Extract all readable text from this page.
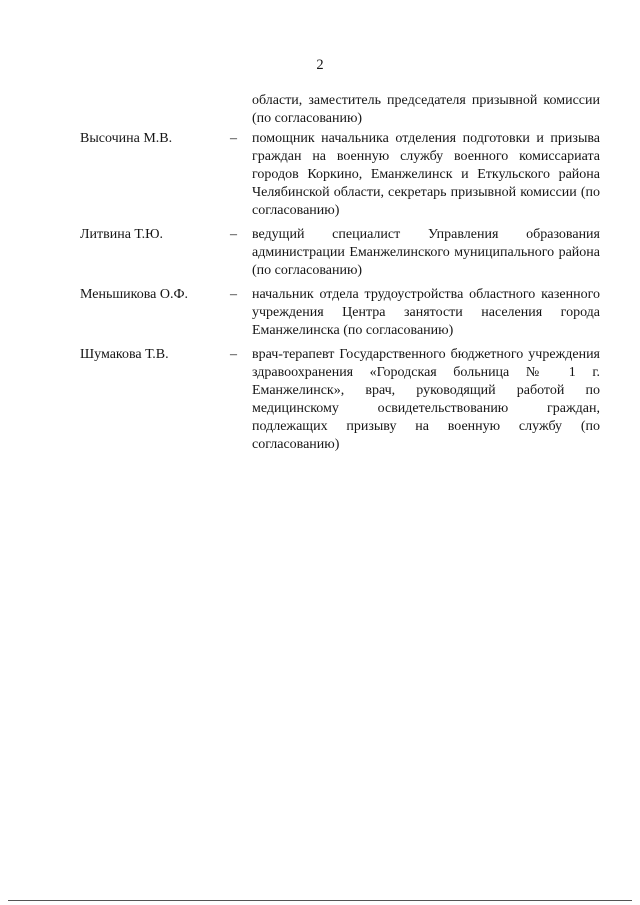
2
области, заместитель председателя призывной комиссии (по согласованию)
Высочина М.В.	–	помощник начальника отделения подготовки и призыва граждан на военную службу военного комиссариата городов Коркино, Еманжелинск и Еткульского района Челябинской области, секретарь призывной комиссии (по согласованию)
Литвина Т.Ю.	–	ведущий специалист Управления образования администрации Еманжелинского муниципального района (по согласованию)
Меньшикова О.Ф.	–	начальник отдела трудоустройства областного казенного учреждения Центра занятости населения города Еманжелинска (по согласованию)
Шумакова Т.В.	–	врач-терапевт Государственного бюджетного учреждения здравоохранения «Городская больница № 1 г. Еманжелинск», врач, руководящий работой по медицинскому освидетельствованию граждан, подлежащих призыву на военную службу (по согласованию)
